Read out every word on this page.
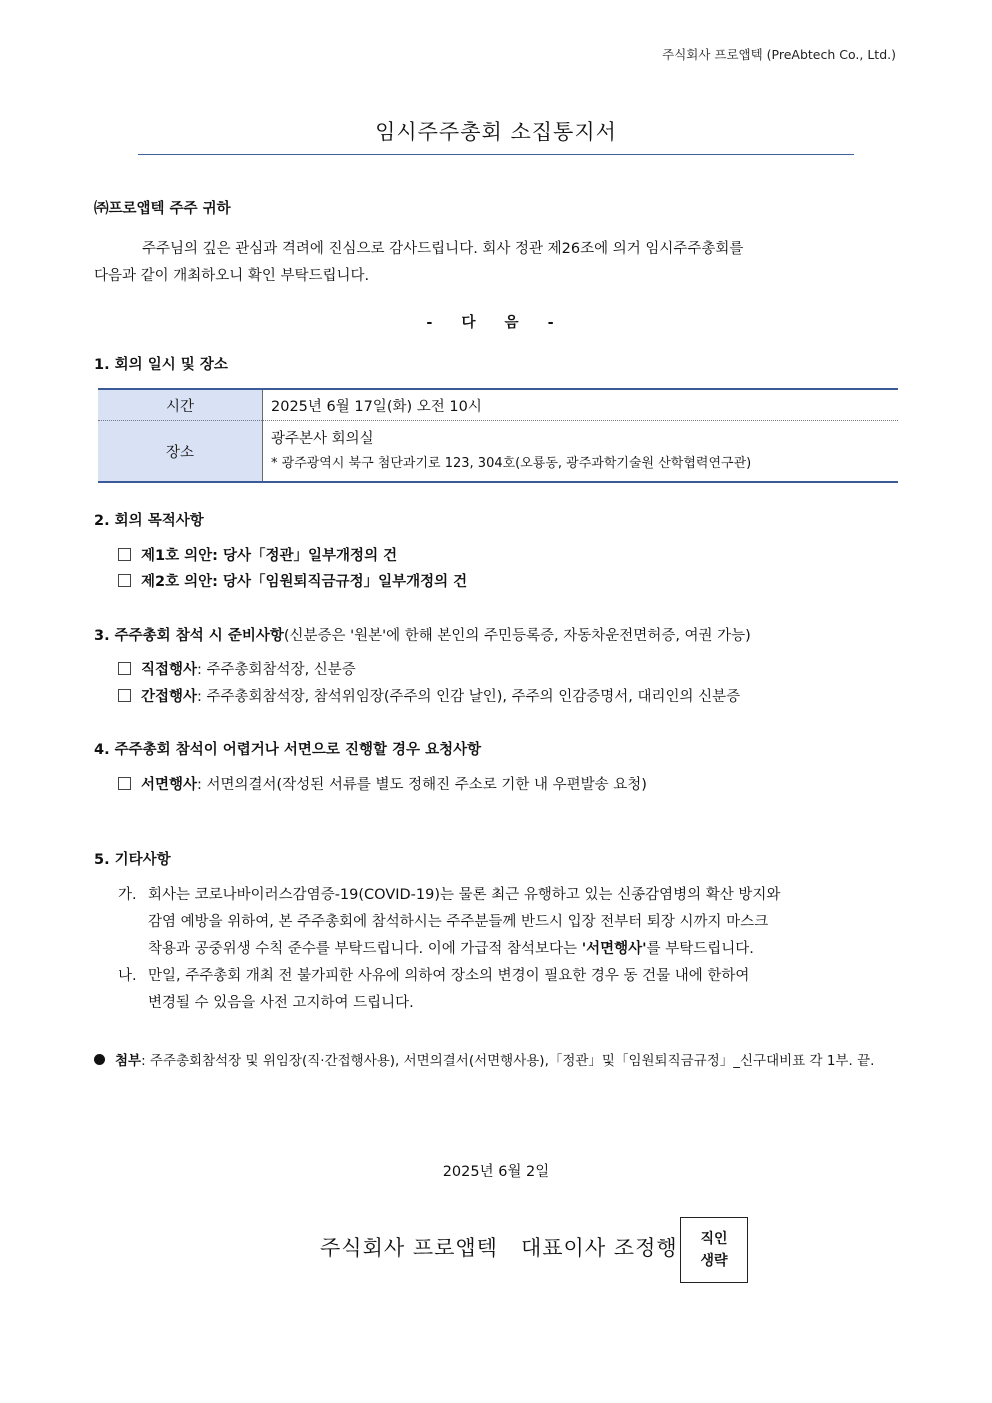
주식회사 프로앱텍 (PreAbtech Co., Ltd.)
임시주주총회 소집통지서
㈜프로앱텍 주주 귀하
주주님의 깊은 관심과 격려에 진심으로 감사드립니다. 회사 정관 제26조에 의거 임시주주총회를
다음과 같이 개최하오니 확인 부탁드립니다.
- 다 음 -
1. 회의 일시 및 장소
시간	2025년 6월 17일(화) 오전 10시
장소	광주본사 회의실
* 광주광역시 북구 첨단과기로 123, 304호(오룡동, 광주과학기술원 산학협력연구관)
2. 회의 목적사항
제1호 의안: 당사「정관」일부개정의 건
제2호 의안: 당사「임원퇴직금규정」일부개정의 건
3. 주주총회 참석 시 준비사항(신분증은 '원본'에 한해 본인의 주민등록증, 자동차운전면허증, 여권 가능)
직접행사: 주주총회참석장, 신분증
간접행사: 주주총회참석장, 참석위임장(주주의 인감 날인), 주주의 인감증명서, 대리인의 신분증
4. 주주총회 참석이 어렵거나 서면으로 진행할 경우 요청사항
서면행사: 서면의결서(작성된 서류를 별도 정해진 주소로 기한 내 우편발송 요청)
5. 기타사항
가. 회사는 코로나바이러스감염증-19(COVID-19)는 물론 최근 유행하고 있는 신종감염병의 확산 방지와
감염 예방을 위하여, 본 주주총회에 참석하시는 주주분들께 반드시 입장 전부터 퇴장 시까지 마스크
착용과 공중위생 수칙 준수를 부탁드립니다. 이에 가급적 참석보다는 '서면행사'를 부탁드립니다.
나. 만일, 주주총회 개최 전 불가피한 사유에 의하여 장소의 변경이 필요한 경우 동 건물 내에 한하여
변경될 수 있음을 사전 고지하여 드립니다.
첨부: 주주총회참석장 및 위임장(직·간접행사용), 서면의결서(서면행사용),「정관」및「임원퇴직금규정」_신구대비표 각 1부. 끝.
2025년 6월 2일
주식회사 프로앱텍   대표이사 조정행 직인
생략
